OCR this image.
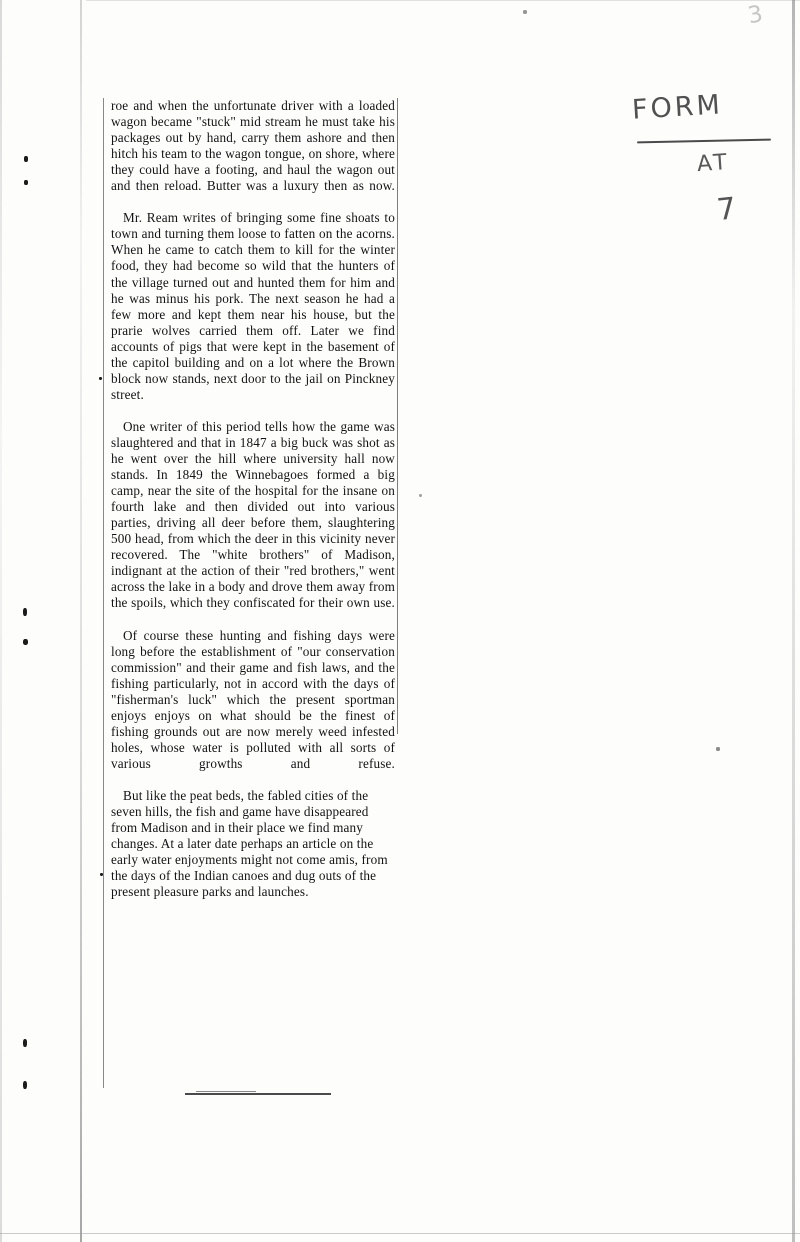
roe and when the unfortunate driver with a loaded wagon became "stuck" mid stream he must take his packages out by hand, carry them ashore and then hitch his team to the wagon tongue, on shore, where they could have a footing, and haul the wagon out and then reload. Butter was a luxury then as now.

Mr. Ream writes of bringing some fine shoats to town and turning them loose to fatten on the acorns. When he came to catch them to kill for the winter food, they had become so wild that the hunters of the village turned out and hunted them for him and he was minus his pork. The next season he had a few more and kept them near his house, but the prarie wolves carried them off. Later we find accounts of pigs that were kept in the basement of the capitol building and on a lot where the Brown block now stands, next door to the jail on Pinckney street.

One writer of this period tells how the game was slaughtered and that in 1847 a big buck was shot as he went over the hill where university hall now stands. In 1849 the Winnebagoes formed a big camp, near the site of the hospital for the insane on fourth lake and then divided out into various parties, driving all deer before them, slaughtering 500 head, from which the deer in this vicinity never recovered. The "white brothers" of Madison, indignant at the action of their "red brothers," went across the lake in a body and drove them away from the spoils, which they confiscated for their own use.

Of course these hunting and fishing days were long before the establishment of "our conservation commission" and their game and fish laws, and the fishing particularly, not in accord with the days of "fisherman's luck" which the present sportman enjoys enjoys on what should be the finest of fishing grounds out are now merely weed infested holes, whose water is polluted with all sorts of various growths and refuse.

But like the peat beds, the fabled cities of the seven hills, the fish and game have disappeared from Madison and in their place we find many changes. At a later date perhaps an article on the early water enjoyments might not come amis, from the days of the Indian canoes and dug outs of the present pleasure parks and launches.

FORM
AT
7
3
